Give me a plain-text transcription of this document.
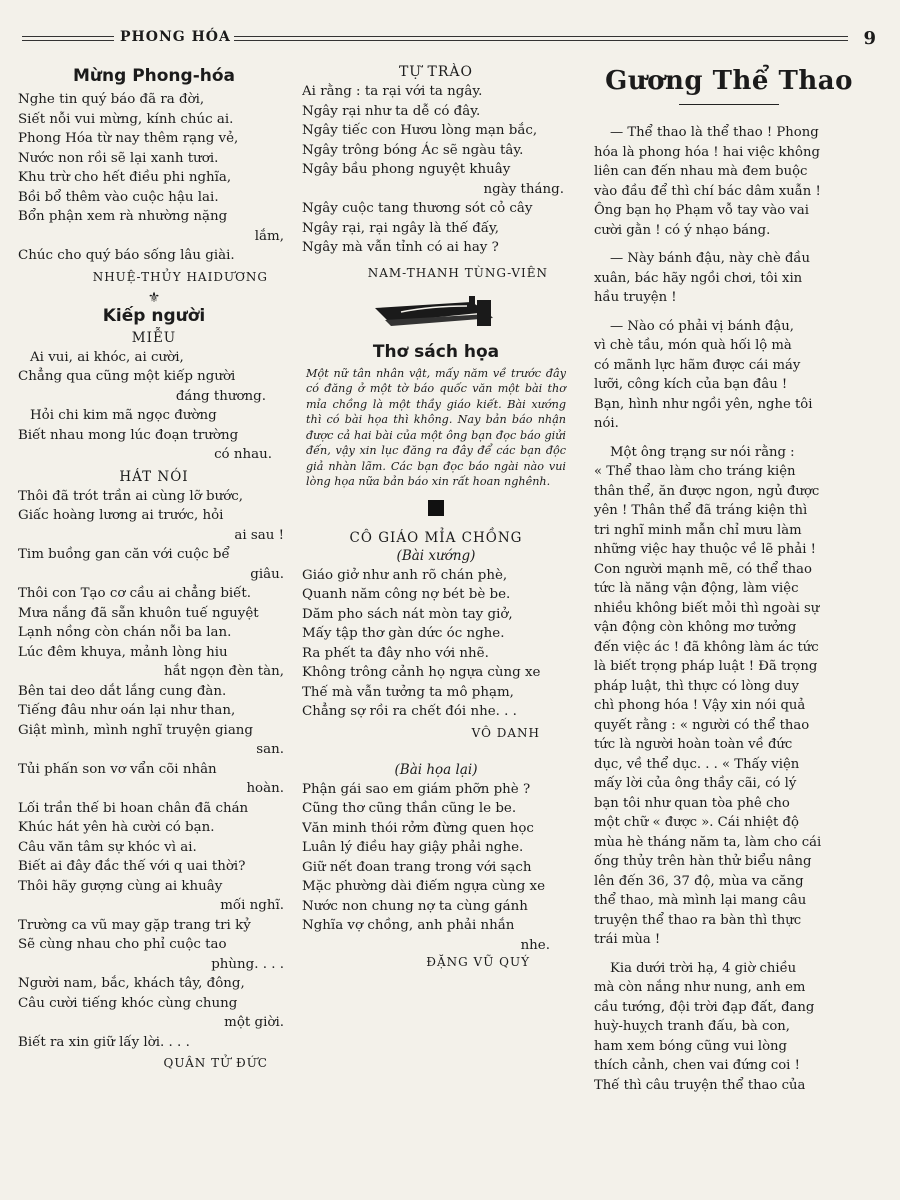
PHONG HÓA	9
Mừng Phong-hóa
Nghe tin quý báo đã ra đời,
Siết nỗi vui mừng, kính chúc ai.
Phong Hóa từ nay thêm rạng vẻ,
Nước non rồi sẽ lại xanh tươi.
Khu trừ cho hết điều phi nghĩa,
Bồi bổ thêm vào cuộc hậu lai.
Bổn phận xem rà nhường nặng
lắm,
Chúc cho quý báo sống lâu giài.
NHUỆ-THỦY HAIDƯƠNG
⚜
Kiếp người
MIỄU
Ai vui, ai khóc, ai cười,
Chẳng qua cũng một kiếp người
đáng thương.
Hỏi chi kim mã ngọc đường
Biết nhau mong lúc đoạn trường
có nhau.
HÁT NÓI
Thôi đã trót trần ai cùng lỡ bước,
Giấc hoàng lương ai trước, hỏi
ai sau !
Tim buồng gan căn với cuộc bể
giâu.
Thôi con Tạo cơ cầu ai chẳng biết.
Mưa nắng đã sẵn khuôn tuế nguyệt
Lạnh nồng còn chán nỗi ba lan.
Lúc đêm khuya, mảnh lòng hiu
hắt ngọn đèn tàn,
Bên tai deo dắt lắng cung đàn.
Tiếng đâu như oán lại như than,
Giật mình, mình nghĩ truyện giang
san.
Tủi phấn son vơ vẩn cõi nhân
hoàn.
Lối trần thế bi hoan chân đã chán
Khúc hát yên hà cười có bạn.
Câu văn tâm sự khóc vì ai.
Biết ai đây đắc thế với q uai thời?
Thôi hãy gượng cùng ai khuây
mối nghĩ.
Trường ca vũ may gặp trang tri kỷ
Sẽ cùng nhau cho phỉ cuộc tao
phùng. . . .
Người nam, bắc, khách tây, đông,
Câu cười tiếng khóc cùng chung
một giời.
Biết ra xin giữ lấy lời. . . .
QUÂN TỬ ĐỨC
TỰ TRÀO
Ai rằng : ta rại với ta ngây.
Ngây rại như ta dễ có đây.
Ngây tiếc con Hươu lòng mạn bắc,
Ngây trông bóng Ác sẽ ngàu tây.
Ngây bầu phong nguyệt khuây
ngày tháng.
Ngây cuộc tang thương sót cỏ cây
Ngây rại, rại ngây là thế đấy,
Ngây mà vẫn tỉnh có ai hay ?
NAM-THANH TÙNG-VIÊN
Thơ sách họa
Một nữ tân nhân vật, mấy năm về trước đây có đăng ở một tờ báo quốc văn một bài thơ mỉa chồng là một thầy giáo kiết. Bài xướng thì có bài họa thì không. Nay bản báo nhận được cả hai bài của một ông bạn đọc báo giửi đến, vậy xin lục đăng ra đây để các bạn độc giả nhàn lãm. Các bạn đọc báo ngài nào vui lòng họa nữa bản báo xin rất hoan nghênh.
CÔ GIÁO MỈA CHỒNG
(Bài xướng)
Giáo giở như anh rõ chán phè,
Quanh năm công nợ bét bè be.
Dăm pho sách nát mòn tay giở,
Mấy tập thơ gàn dức óc nghe.
Ra phết ta đây nho với nhẽ.
Không trông cảnh họ ngựa cùng xe
Thế mà vẫn tưởng ta mô phạm,
Chẳng sợ rồi ra chết đói nhe. . .
VÔ DANH
(Bài họa lại)
Phận gái sao em giám phỡn phè ?
Cũng thơ cũng thần cũng le be.
Văn minh thói rởm đừng quen học
Luân lý điều hay giậy phải nghe.
Giữ nết đoan trang trong với sạch
Mặc phường dài điếm ngựa cùng xe
Nước non chung nợ ta cùng gánh
Nghĩa vợ chồng, anh phải nhắn
nhe.
ĐẶNG VŨ QUÝ
Gương Thể Thao
— Thể thao là thể thao ! Phong
hóa là phong hóa ! hai việc không
liên can đến nhau mà đem buộc
vào đầu để thì chí bác dâm xuẫn !
Ông bạn họ Phạm vỗ tay vào vai
cười gằn ! có ý nhạo báng.
— Này bánh đậu, này chè đầu
xuân, bác hãy ngồi chơi, tôi xin
hầu truyện !
— Nào có phải vị bánh đậu,
vì chè tầu, món quà hối lộ mà
có mãnh lực hãm được cái máy
lưỡi, công kích của bạn đâu !
Bạn, hình như ngồi yên, nghe tôi
nói.
Một ông trạng sư nói rằng :
« Thể thao làm cho tráng kiện
thân thể, ăn được ngon, ngủ được
yên ! Thân thể đã tráng kiện thì
tri nghĩ minh mẫn chỉ mưu làm
những việc hay thuộc về lẽ phải !
Con người mạnh mẽ, có thể thao
tức là năng vận động, làm việc
nhiều không biết mỏi thì ngoài sự
vận động còn không mơ tưởng
đến việc ác ! đã không làm ác tức
là biết trọng pháp luật ! Đã trọng
pháp luật, thì thực có lòng duy
chì phong hóa ! Vậy xin nói quả
quyết rằng : « người có thể thao
tức là người hoàn toàn về đức
dục, về thể dục. . . « Thấy viện
mấy lời của ông thầy cãi, có lý
bạn tôi như quan tòa phê cho
một chữ « được ». Cái nhiệt độ
mùa hè tháng năm ta, làm cho cái
ống thủy trên hàn thử biểu nâng
lên đến 36, 37 độ, mùa va căng
thể thao, mà mình lại mang câu
truyện thể thao ra bàn thì thực
trái mùa !
Kia dưới trời hạ, 4 giờ chiều
mà còn nắng như nung, anh em
cầu tướng, đội trời đạp đất, đang
huỳ-huỵch tranh đấu, bà con,
ham xem bóng cũng vui lòng
thích cảnh, chen vai đứng coi !
Thế thì câu truyện thể thao của
